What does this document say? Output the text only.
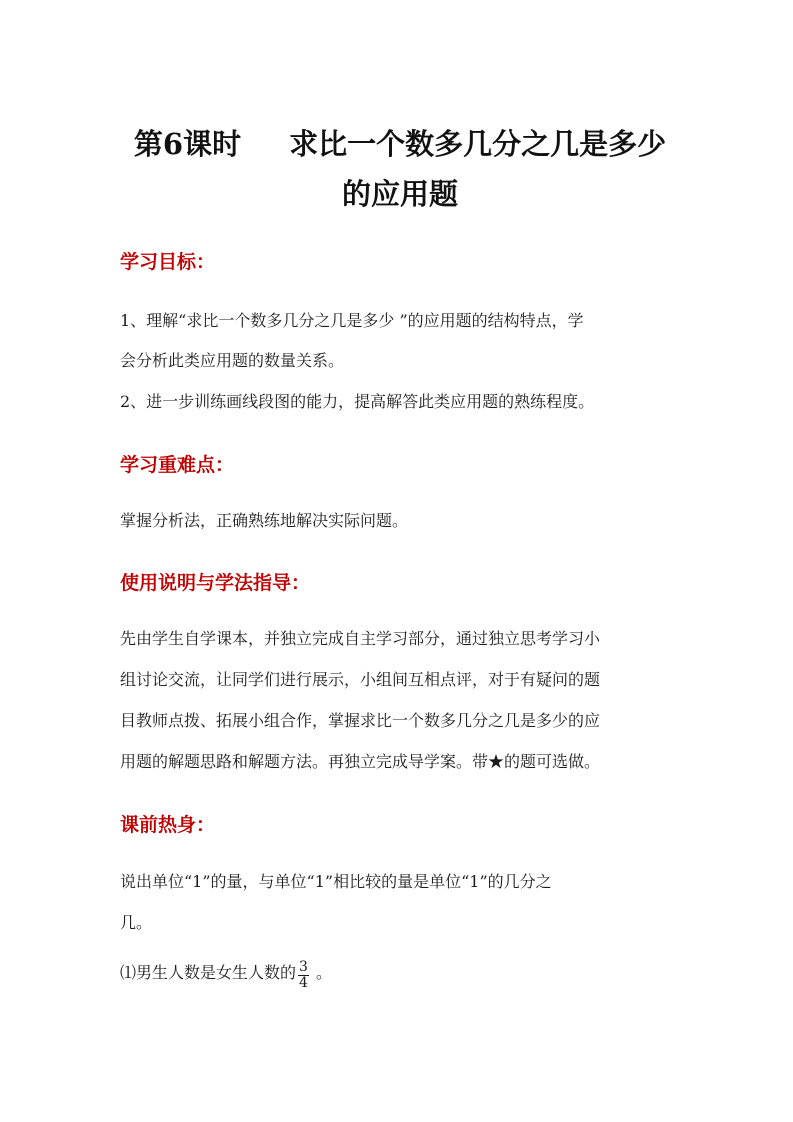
第6课时 求比一个数多几分之几是多少
的应用题
学习目标：
1、理解“求比一个数多几分之几是多少 ”的应用题的结构特点，学
会分析此类应用题的数量关系。
2、进一步训练画线段图的能力，提高解答此类应用题的熟练程度。
学习重难点：
掌握分析法，正确熟练地解决实际问题。
使用说明与学法指导：
先由学生自学课本，并独立完成自主学习部分，通过独立思考学习小
组讨论交流，让同学们进行展示，小组间互相点评，对于有疑问的题
目教师点拨、拓展小组合作，掌握求比一个数多几分之几是多少的应
用题的解题思路和解题方法。再独立完成导学案。带★的题可选做。
课前热身：
说出单位“1”的量，与单位“1”相比较的量是单位“1”的几分之
几。
⑴男生人数是女生人数的 $\frac{3}{4}$ 。
